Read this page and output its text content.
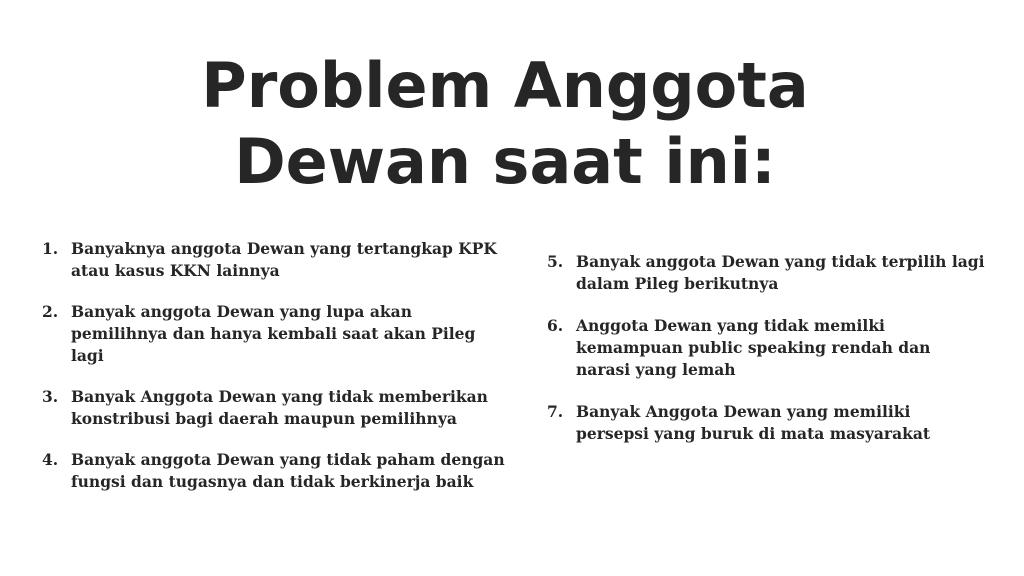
Problem Anggota
Dewan saat ini:
1. Banyaknya anggota Dewan yang tertangkap KPK
atau kasus KKN lainnya
2. Banyak anggota Dewan yang lupa akan
pemilihnya dan hanya kembali saat akan Pileg
lagi
3. Banyak Anggota Dewan yang tidak memberikan
konstribusi bagi daerah maupun pemilihnya
4. Banyak anggota Dewan yang tidak paham dengan
fungsi dan tugasnya dan tidak berkinerja baik
5. Banyak anggota Dewan yang tidak terpilih lagi
dalam Pileg berikutnya
6. Anggota Dewan yang tidak memilki
kemampuan public speaking rendah dan
narasi yang lemah
7. Banyak Anggota Dewan yang memiliki
persepsi yang buruk di mata masyarakat
